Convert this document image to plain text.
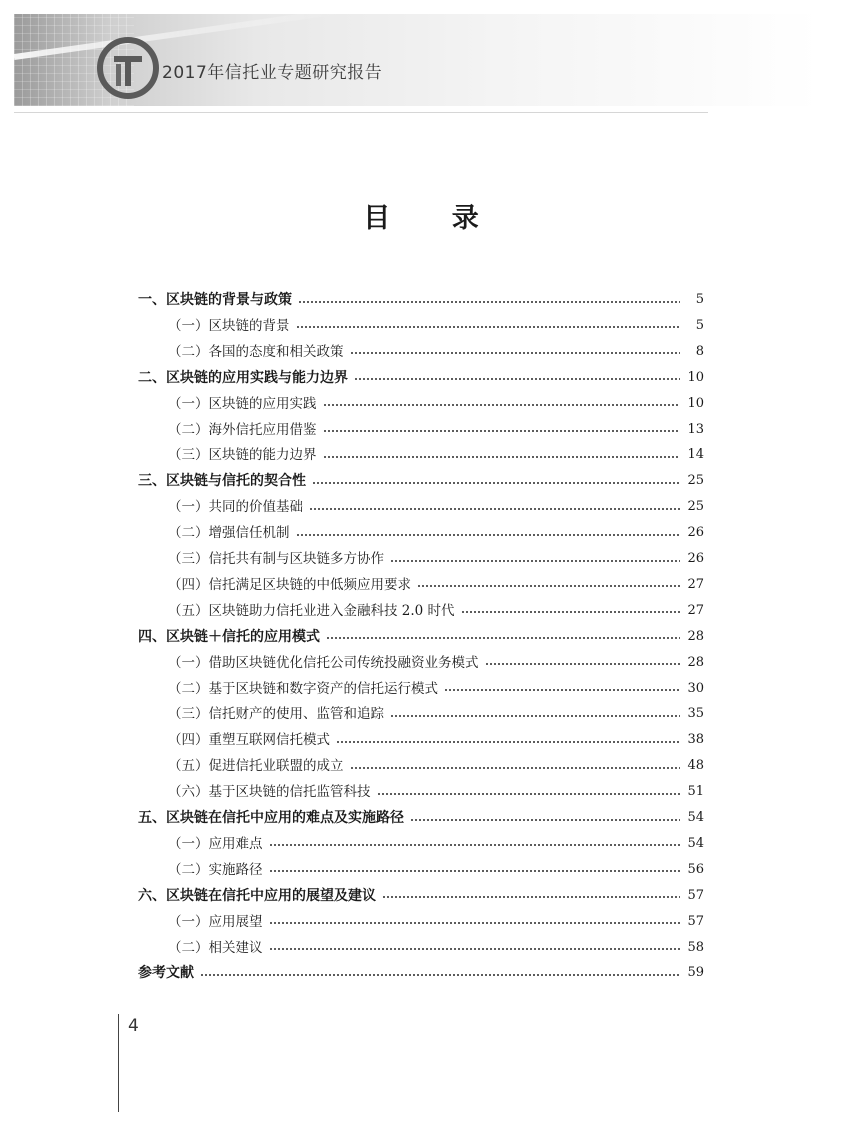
2017年信托业专题研究报告
目 录
一、区块链的背景与政策	5
（一）区块链的背景	5
（二）各国的态度和相关政策	8
二、区块链的应用实践与能力边界	10
（一）区块链的应用实践	10
（二）海外信托应用借鉴	13
（三）区块链的能力边界	14
三、区块链与信托的契合性	25
（一）共同的价值基础	25
（二）增强信任机制	26
（三）信托共有制与区块链多方协作	26
（四）信托满足区块链的中低频应用要求	27
（五）区块链助力信托业进入金融科技 2.0 时代	27
四、区块链＋信托的应用模式	28
（一）借助区块链优化信托公司传统投融资业务模式	28
（二）基于区块链和数字资产的信托运行模式	30
（三）信托财产的使用、监管和追踪	35
（四）重塑互联网信托模式	38
（五）促进信托业联盟的成立	48
（六）基于区块链的信托监管科技	51
五、区块链在信托中应用的难点及实施路径	54
（一）应用难点	54
（二）实施路径	56
六、区块链在信托中应用的展望及建议	57
（一）应用展望	57
（二）相关建议	58
参考文献	59
4
